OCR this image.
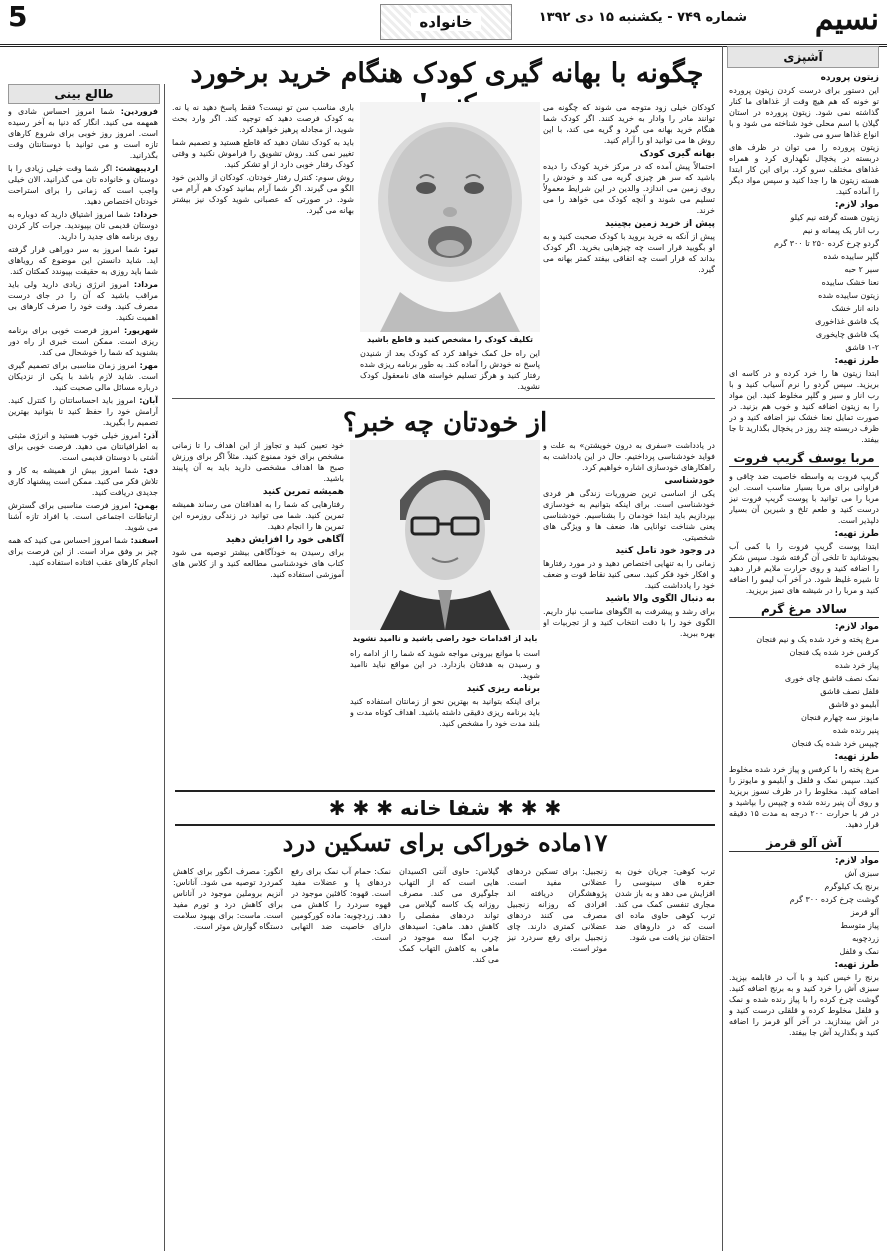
نسیم
شماره ۷۴۹ - یکشنبه ۱۵ دی ۱۳۹۲
خانواده
5
آشپزی
زیتون پرورده

این دستور برای درست کردن زیتون پرورده تو خونه که هم هیچ وقت از غذاهای ما کنار گذاشته نمی شود. زیتون پرورده در استان گیلان با اسم محلی خود شناخته می شود و با انواع غذاها سرو می شود.

زیتون پرورده را می توان در ظرف های دربسته در یخچال نگهداری کرد و همراه غذاهای مختلف سرو کرد. برای این کار ابتدا هسته زیتون ها را جدا کنید و سپس مواد دیگر را آماده کنید.

مواد لازم:

زیتون هسته گرفته نیم کیلو

رب انار یک پیمانه و نیم

گردو چرخ کرده ۲۵۰ تا ۳۰۰ گرم

گلپر ساییده شده

سیر ۲ حبه

نعنا خشک ساییده

زیتون ساییده شده

دانه انار خشک

یک قاشق غذاخوری

یک قاشق چایخوری

۱-۲ قاشق

طرز تهیه:

ابتدا زیتون ها را خرد کرده و در کاسه ای بریزید. سپس گردو را نرم آسیاب کنید و با رب انار و سیر و گلپر مخلوط کنید. این مواد را به زیتون اضافه کنید و خوب هم بزنید. در صورت تمایل نعنا خشک نیز اضافه کنید و در ظرف دربسته چند روز در یخچال بگذارید تا جا بیفتد.

مربا یوسف گریپ فروت

گریپ فروت به واسطه خاصیت ضد چاقی و فراوانی برای مربا بسیار مناسب است. این مربا را می توانید با پوست گریپ فروت نیز درست کنید و طعم تلخ و شیرین آن بسیار دلپذیر است.

طرز تهیه:

ابتدا پوست گریپ فروت را با کمی آب بجوشانید تا تلخی آن گرفته شود. سپس شکر را اضافه کنید و روی حرارت ملایم قرار دهید تا شیره غلیظ شود. در آخر آب لیمو را اضافه کنید و مربا را در شیشه های تمیز بریزید.

سالاد مرغ گرم
مواد لازم:

مرغ پخته و خرد شده یک و نیم فنجان

کرفس خرد شده یک فنجان

پیاز خرد شده

نمک نصف قاشق چای خوری

فلفل نصف قاشق

آبلیمو دو قاشق

مایونز سه چهارم فنجان

پنیر رنده شده

چیپس خرد شده یک فنجان

طرز تهیه:

مرغ پخته را با کرفس و پیاز خرد شده مخلوط کنید. سپس نمک و فلفل و آبلیمو و مایونز را اضافه کنید. مخلوط را در ظرف نسوز بریزید و روی آن پنیر رنده شده و چیپس را بپاشید و در فر با حرارت ۲۰۰ درجه به مدت ۱۵ دقیقه قرار دهید.

آش آلو قرمز
مواد لازم:

سبزی آش

برنج یک کیلوگرم

گوشت چرخ کرده ۳۰۰ گرم

آلو قرمز

پیاز متوسط

زردچوبه

نمک و فلفل

طرز تهیه:

برنج را خیس کنید و با آب در قابلمه بپزید. سبزی آش را خرد کنید و به برنج اضافه کنید. گوشت چرخ کرده را با پیاز رنده شده و نمک و فلفل مخلوط کرده و قلقلی درست کنید و در آش بیندازید. در آخر آلو قرمز را اضافه کنید و بگذارید آش جا بیفتد.

طالع بینی

فروردین: شما امروز احساس شادی و همهمه می کنید. انگار که دنیا به آخر رسیده است. امروز روز خوبی برای شروع کارهای تازه است و می توانید با دوستانتان وقت بگذرانید.

اردیبهشت: اگر شما وقت خیلی زیادی را با دوستان و خانواده تان می گذرانید، الان خیلی واجب است که زمانی را برای استراحت خودتان اختصاص دهید.

خرداد: شما امروز اشتیاق دارید که دوباره به دوستان قدیمی تان بپیوندید. جرات کار کردن روی برنامه های جدید را دارید.

تیر: شما امروز به سر دوراهی قرار گرفته اید. شاید دانستن این موضوع که رویاهای شما باید روزی به حقیقت بپیوندد کمکتان کند.

مرداد: امروز انرژی زیادی دارید ولی باید مراقب باشید که آن را در جای درست مصرف کنید. وقت خود را صرف کارهای بی اهمیت نکنید.

شهریور: امروز فرصت خوبی برای برنامه ریزی است. ممکن است خبری از راه دور بشنوید که شما را خوشحال می کند.

مهر: امروز زمان مناسبی برای تصمیم گیری است. شاید لازم باشد با یکی از نزدیکان درباره مسائل مالی صحبت کنید.

آبان: امروز باید احساساتتان را کنترل کنید. آرامش خود را حفظ کنید تا بتوانید بهترین تصمیم را بگیرید.

آذر: امروز خیلی خوب هستید و انرژی مثبتی به اطرافیانتان می دهید. فرصت خوبی برای آشتی با دوستان قدیمی است.

دی: شما امروز بیش از همیشه به کار و تلاش فکر می کنید. ممکن است پیشنهاد کاری جدیدی دریافت کنید.

بهمن: امروز فرصت مناسبی برای گسترش ارتباطات اجتماعی است. با افراد تازه آشنا می شوید.

اسفند: شما امروز احساس می کنید که همه چیز بر وفق مراد است. از این فرصت برای انجام کارهای عقب افتاده استفاده کنید.

چگونه با بهانه گیری کودک هنگام خرید برخورد

کودکان خیلی زود متوجه می شوند که چگونه می توانند مادر را وادار به خرید کنند. اگر کودک شما هنگام خرید بهانه می گیرد و گریه می کند، با این روش ها می توانید او را آرام کنید.

بهانه گیری کودک

احتمالاً پیش آمده که در مرکز خرید کودک را دیده باشید که سر هر چیزی گریه می کند و خودش را روی زمین می اندازد. والدین در این شرایط معمولاً تسلیم می شوند و آنچه کودک می خواهد را می خرند.

پیش از خرید زمین بچینید

پیش از آنکه به خرید بروید با کودک صحبت کنید و به او بگویید قرار است چه چیزهایی بخرید. اگر کودک بداند که قرار است چه اتفاقی بیفتد کمتر بهانه می گیرد.

تکلیف کودک را مشخص کنید و قاطع باشید

این راه حل کمک خواهد کرد که کودک بعد از شنیدن پاسخ نه خودش را آماده کند. به طور برنامه ریزی شده رفتار کنید و هرگز تسلیم خواسته های نامعقول کودک نشوید.

باری مناسب سن تو نیست؟ فقط پاسخ دهید نه یا نه. به کودک فرصت دهید که توجیه کند. اگر وارد بحث شوید، از مجادله پرهیز خواهید کرد.

باید به کودک نشان دهید که قاطع هستید و تصمیم شما تغییر نمی کند. روش تشویق را فراموش نکنید و وقتی کودک رفتار خوبی دارد از او تشکر کنید.

روش سوم: کنترل رفتار خودتان. کودکان از والدین خود الگو می گیرند. اگر شما آرام بمانید کودک هم آرام می شود. در صورتی که عصبانی شوید کودک نیز بیشتر بهانه می گیرد.

از خودتان چه خبر؟

در یادداشت «سفری به درون خویشتن» به علت و فواید خودشناسی پرداختیم. حال در این یادداشت به راهکارهای خودسازی اشاره خواهیم کرد.

خودشناسی

یکی از اساسی ترین ضروریات زندگی هر فردی خودشناسی است. برای اینکه بتوانیم به خودسازی بپردازیم باید ابتدا خودمان را بشناسیم. خودشناسی یعنی شناخت توانایی ها، ضعف ها و ویژگی های شخصیتی.

در وجود خود تامل کنید

زمانی را به تنهایی اختصاص دهید و در مورد رفتارها و افکار خود فکر کنید. سعی کنید نقاط قوت و ضعف خود را یادداشت کنید.

به دنبال الگوی والا باشید

برای رشد و پیشرفت به الگوهای مناسب نیاز داریم. الگوی خود را با دقت انتخاب کنید و از تجربیات او بهره ببرید.

باید از اقدامات خود راضی باشید و ناامید نشوید

است با موانع بیرونی مواجه شوید که شما را از ادامه راه و رسیدن به هدفتان بازدارد. در این مواقع نباید ناامید شوید.

برنامه ریزی کنید

برای اینکه بتوانید به بهترین نحو از زمانتان استفاده کنید باید برنامه ریزی دقیقی داشته باشید. اهداف کوتاه مدت و بلند مدت خود را مشخص کنید.

خود تعیین کنید و تجاوز از این اهداف را تا زمانی مشخص برای خود ممنوع کنید. مثلاً اگر برای ورزش صبح ها اهداف مشخصی دارید باید به آن پایبند باشید.

همیشه تمرین کنید

رفتارهایی که شما را به اهدافتان می رساند همیشه تمرین کنید. شما می توانید در زندگی روزمره این تمرین ها را انجام دهید.

آگاهی خود را افزایش دهید

برای رسیدن به خودآگاهی بیشتر توصیه می شود کتاب های خودشناسی مطالعه کنید و از کلاس های آموزشی استفاده کنید.

✱ ✱ ✱ شفا خانه ✱ ✱ ✱
۱۷ماده خوراکی برای تسکین درد

ترب کوهی: جریان خون به حفره های سینوسی را افزایش می دهد و به باز شدن مجاری تنفسی کمک می کند. ترب کوهی حاوی ماده ای است که در داروهای ضد احتقان نیز یافت می شود.

زنجبیل: برای تسکین دردهای عضلانی مفید است. پژوهشگران دریافته اند افرادی که روزانه زنجبیل مصرف می کنند دردهای عضلانی کمتری دارند. چای زنجبیل برای رفع سردرد نیز موثر است.

گیلاس: حاوی آنتی اکسیدان هایی است که از التهاب جلوگیری می کند. مصرف روزانه یک کاسه گیلاس می تواند دردهای مفصلی را کاهش دهد. ماهی: اسیدهای چرب امگا سه موجود در ماهی به کاهش التهاب کمک می کند.

نمک: حمام آب نمک برای رفع دردهای پا و عضلات مفید است. قهوه: کافئین موجود در قهوه سردرد را کاهش می دهد. زردچوبه: ماده کورکومین دارای خاصیت ضد التهابی است.

انگور: مصرف انگور برای کاهش کمردرد توصیه می شود. آناناس: آنزیم بروملین موجود در آناناس برای کاهش درد و تورم مفید است. ماست: برای بهبود سلامت دستگاه گوارش موثر است.
